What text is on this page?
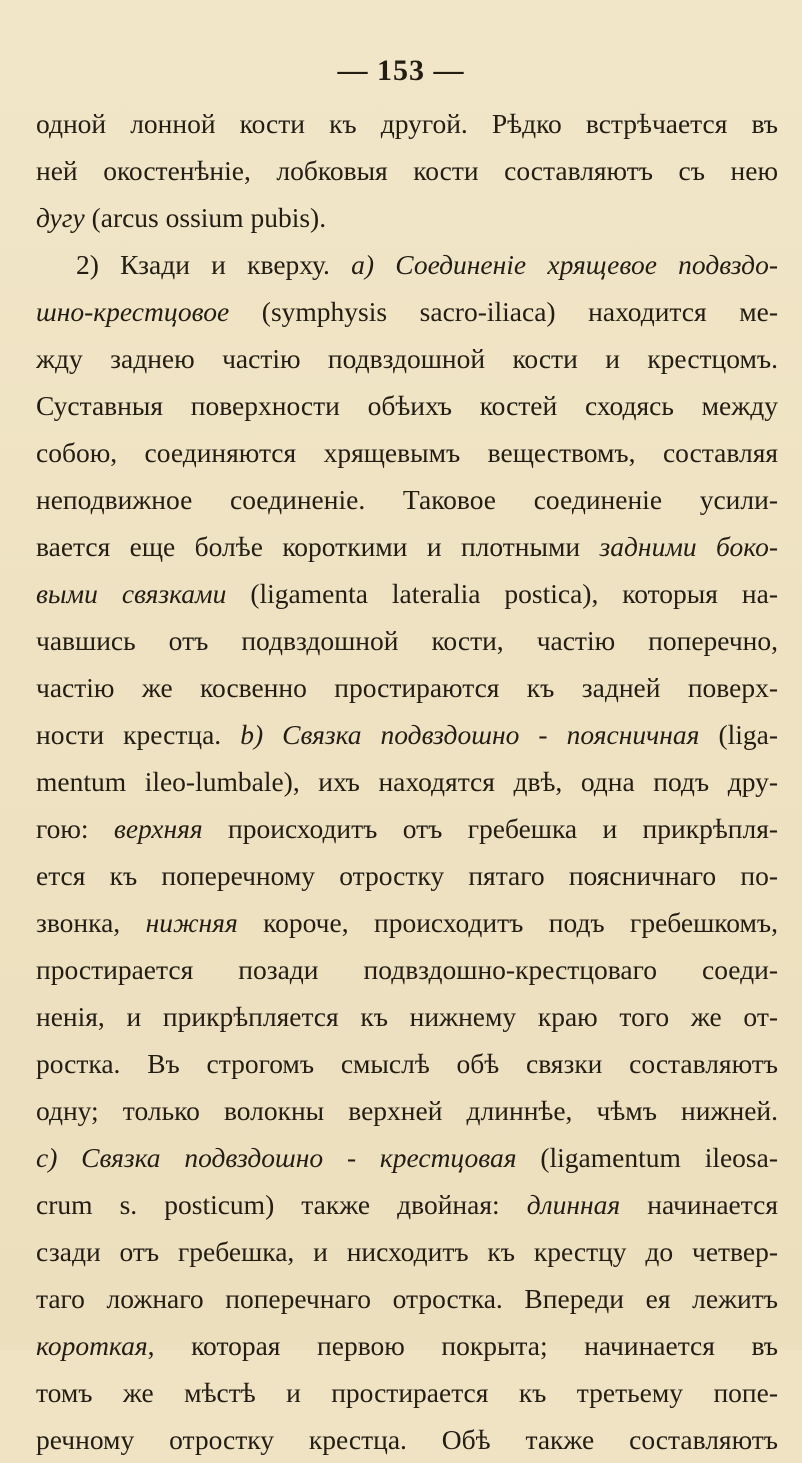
— 153 —
одной лонной кости къ другой. Рѣдко встрѣчается въ
ней окостенѣніе, лобковыя кости составляютъ съ нею
дугу (arcus ossium pubis).
2) Кзади и кверху. a) Соединеніе хрящевое подвздо-
шно-крестцовое (symphysis sacro-iliaca) находится ме-
жду заднею частію подвздошной кости и крестцомъ.
Суставныя поверхности обѣихъ костей сходясь между
собою, соединяются хрящевымъ веществомъ, составляя
неподвижное соединеніе. Таковое соединеніе усили-
вается еще болѣе короткими и плотными задними боко-
выми связками (ligamenta lateralia postica), которыя на-
чавшись отъ подвздошной кости, частію поперечно,
частію же косвенно простираются къ задней поверх-
ности крестца. b) Связка подвздошно - поясничная (liga-
mentum ileo-lumbale), ихъ находятся двѣ, одна подъ дру-
гою: верхняя происходитъ отъ гребешка и прикрѣпля-
ется къ поперечному отростку пятаго поясничнаго по-
звонка, нижняя короче, происходитъ подъ гребешкомъ,
простирается позади подвздошно-крестцоваго соеди-
ненія, и прикрѣпляется къ нижнему краю того же от-
ростка. Въ строгомъ смыслѣ обѣ связки составляютъ
одну; только волокны верхней длиннѣе, чѣмъ нижней.
c) Связка подвздошно - крестцовая (ligamentum ileosa-
crum s. posticum) также двойная: длинная начинается
сзади отъ гребешка, и нисходитъ къ крестцу до четвер-
таго ложнаго поперечнаго отростка. Впереди ея лежитъ
короткая, которая первою покрыта; начинается въ
томъ же мѣстѣ и простирается къ третьему попе-
речному отростку крестца. Обѣ также составляютъ
